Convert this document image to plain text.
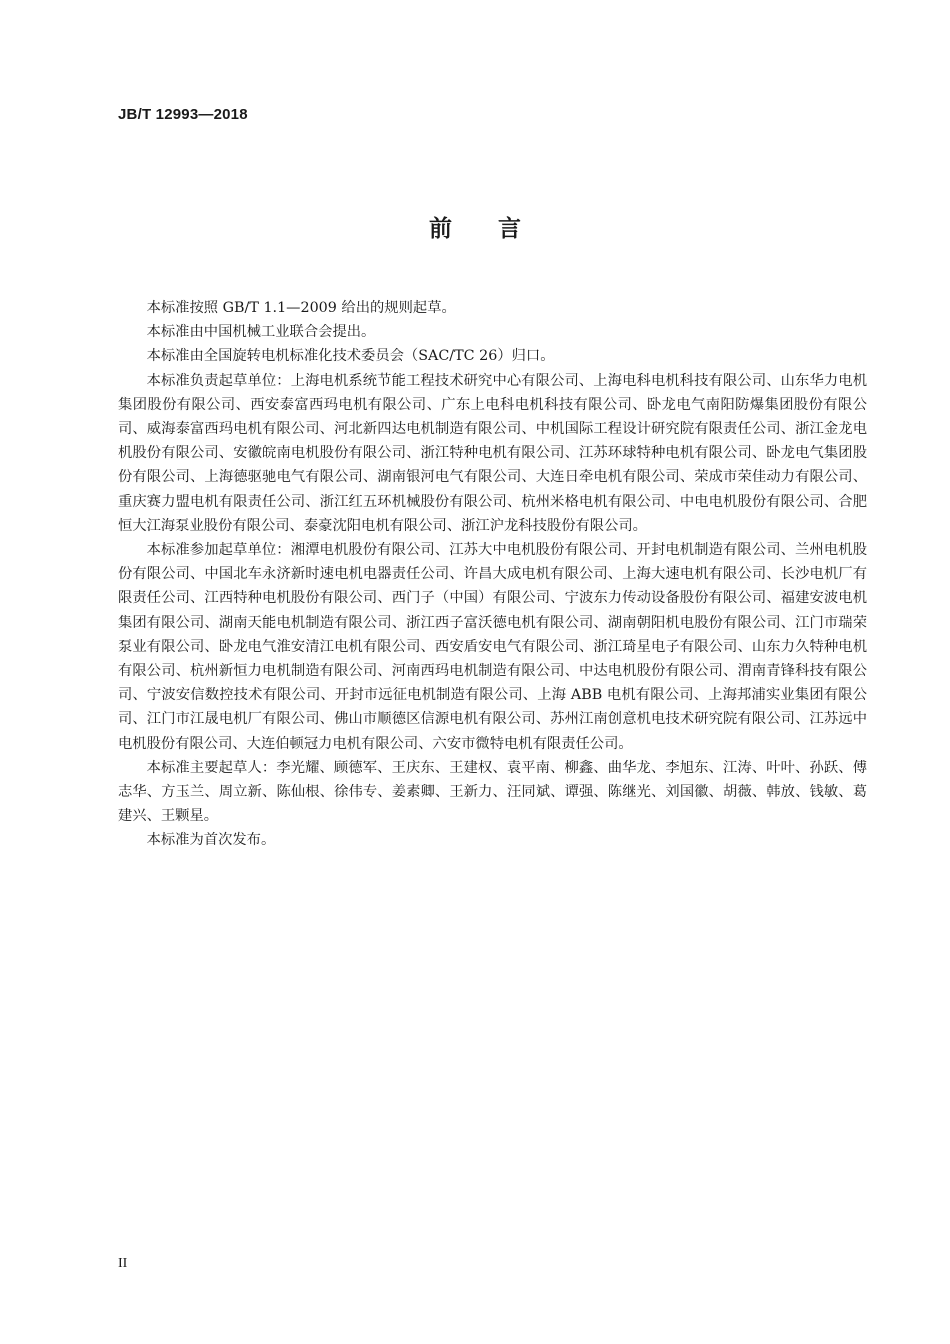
JB/T 12993—2018
前 言

本标准按照 GB/T 1.1—2009 给出的规则起草。

本标准由中国机械工业联合会提出。

本标准由全国旋转电机标准化技术委员会（SAC/TC 26）归口。

本标准负责起草单位：上海电机系统节能工程技术研究中心有限公司、上海电科电机科技有限公司、山东华力电机集团股份有限公司、西安泰富西玛电机有限公司、广东上电科电机科技有限公司、卧龙电气南阳防爆集团股份有限公司、威海泰富西玛电机有限公司、河北新四达电机制造有限公司、中机国际工程设计研究院有限责任公司、浙江金龙电机股份有限公司、安徽皖南电机股份有限公司、浙江特种电机有限公司、江苏环球特种电机有限公司、卧龙电气集团股份有限公司、上海德驱驰电气有限公司、湖南银河电气有限公司、大连日牵电机有限公司、荣成市荣佳动力有限公司、重庆赛力盟电机有限责任公司、浙江红五环机械股份有限公司、杭州米格电机有限公司、中电电机股份有限公司、合肥恒大江海泵业股份有限公司、泰豪沈阳电机有限公司、浙江沪龙科技股份有限公司。

本标准参加起草单位：湘潭电机股份有限公司、江苏大中电机股份有限公司、开封电机制造有限公司、兰州电机股份有限公司、中国北车永济新时速电机电器责任公司、许昌大成电机有限公司、上海大速电机有限公司、长沙电机厂有限责任公司、江西特种电机股份有限公司、西门子（中国）有限公司、宁波东力传动设备股份有限公司、福建安波电机集团有限公司、湖南天能电机制造有限公司、浙江西子富沃德电机有限公司、湖南朝阳机电股份有限公司、江门市瑞荣泵业有限公司、卧龙电气淮安清江电机有限公司、西安盾安电气有限公司、浙江琦星电子有限公司、山东力久特种电机有限公司、杭州新恒力电机制造有限公司、河南西玛电机制造有限公司、中达电机股份有限公司、渭南青锋科技有限公司、宁波安信数控技术有限公司、开封市远征电机制造有限公司、上海 ABB 电机有限公司、上海邦浦实业集团有限公司、江门市江晟电机厂有限公司、佛山市顺德区信源电机有限公司、苏州江南创意机电技术研究院有限公司、江苏远中电机股份有限公司、大连伯顿冠力电机有限公司、六安市微特电机有限责任公司。

本标准主要起草人：李光耀、顾德军、王庆东、王建权、袁平南、柳鑫、曲华龙、李旭东、江涛、叶叶、孙跃、傅志华、方玉兰、周立新、陈仙根、徐伟专、姜素卿、王新力、汪同斌、谭强、陈继光、刘国徽、胡薇、韩放、钱敏、葛建兴、王颗星。

本标准为首次发布。

II
